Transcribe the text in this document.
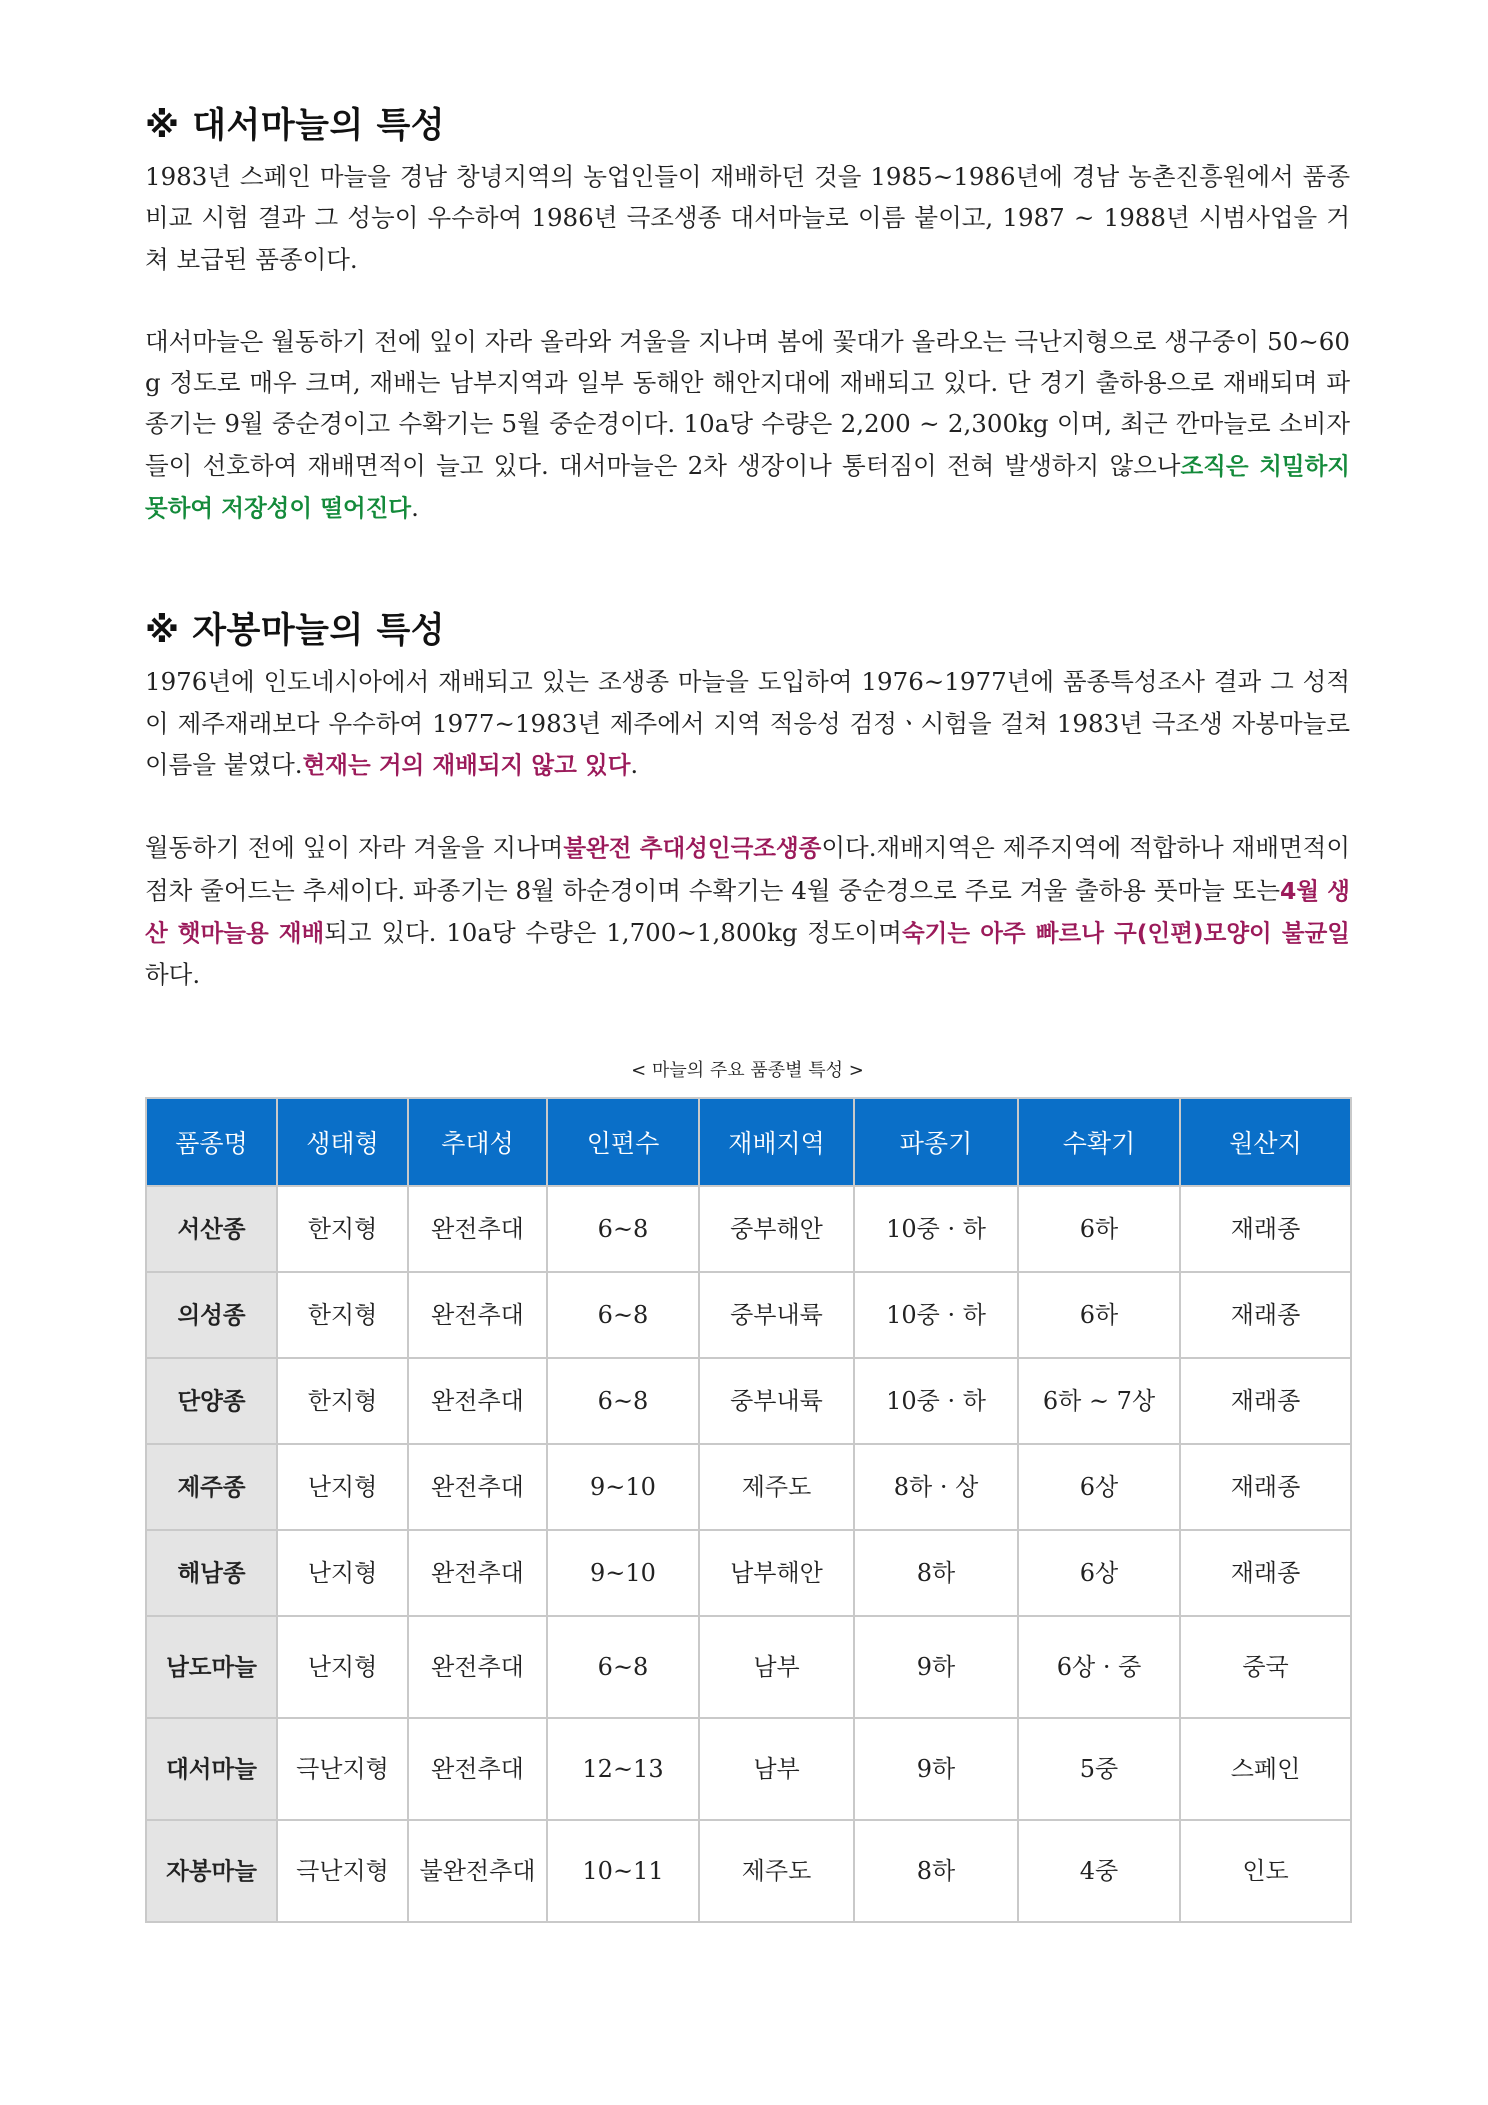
※ 대서마늘의 특성

1983년 스페인 마늘을 경남 창녕지역의 농업인들이 재배하던 것을 1985~1986년에 경남 농촌진흥원에서 품종비교 시험 결과 그 성능이 우수하여 1986년 극조생종 대서마늘로 이름 붙이고, 1987 ~ 1988년 시범사업을 거쳐 보급된 품종이다.

대서마늘은 월동하기 전에 잎이 자라 올라와 겨울을 지나며 봄에 꽃대가 올라오는 극난지형으로 생구중이 50~60g 정도로 매우 크며, 재배는 남부지역과 일부 동해안 해안지대에 재배되고 있다. 단 경기 출하용으로 재배되며 파종기는 9월 중순경이고 수확기는 5월 중순경이다. 10a당 수량은 2,200 ~ 2,300kg 이며, 최근 깐마늘로 소비자들이 선호하여 재배면적이 늘고 있다. 대서마늘은 2차 생장이나 통터짐이 전혀 발생하지 않으나조직은 치밀하지 못하여 저장성이 떨어진다.

※ 자봉마늘의 특성

1976년에 인도네시아에서 재배되고 있는 조생종 마늘을 도입하여 1976~1977년에 품종특성조사 결과 그 성적이 제주재래보다 우수하여 1977~1983년 제주에서 지역 적응성 검정ㆍ시험을 걸쳐 1983년 극조생 자봉마늘로 이름을 붙였다.현재는 거의 재배되지 않고 있다.

월동하기 전에 잎이 자라 겨울을 지나며불완전 추대성인극조생종이다.재배지역은 제주지역에 적합하나 재배면적이 점차 줄어드는 추세이다. 파종기는 8월 하순경이며 수확기는 4월 중순경으로 주로 겨울 출하용 풋마늘 또는4월 생산 햇마늘용 재배되고 있다. 10a당 수량은 1,700~1,800kg 정도이며숙기는 아주 빠르나 구(인편)모양이 불균일하다.

< 마늘의 주요 품종별 특성 >

품종명	생태형	추대성	인편수	재배지역	파종기	수확기	원산지
서산종	한지형	완전추대	6~8	중부해안	10중 · 하	6하	재래종
의성종	한지형	완전추대	6~8	중부내륙	10중 · 하	6하	재래종
단양종	한지형	완전추대	6~8	중부내륙	10중 · 하	6하 ~ 7상	재래종
제주종	난지형	완전추대	9~10	제주도	8하 · 상	6상	재래종
해남종	난지형	완전추대	9~10	남부해안	8하	6상	재래종
남도마늘	난지형	완전추대	6~8	남부	9하	6상 · 중	중국
대서마늘	극난지형	완전추대	12~13	남부	9하	5중	스페인
자봉마늘	극난지형	불완전추대	10~11	제주도	8하	4중	인도
